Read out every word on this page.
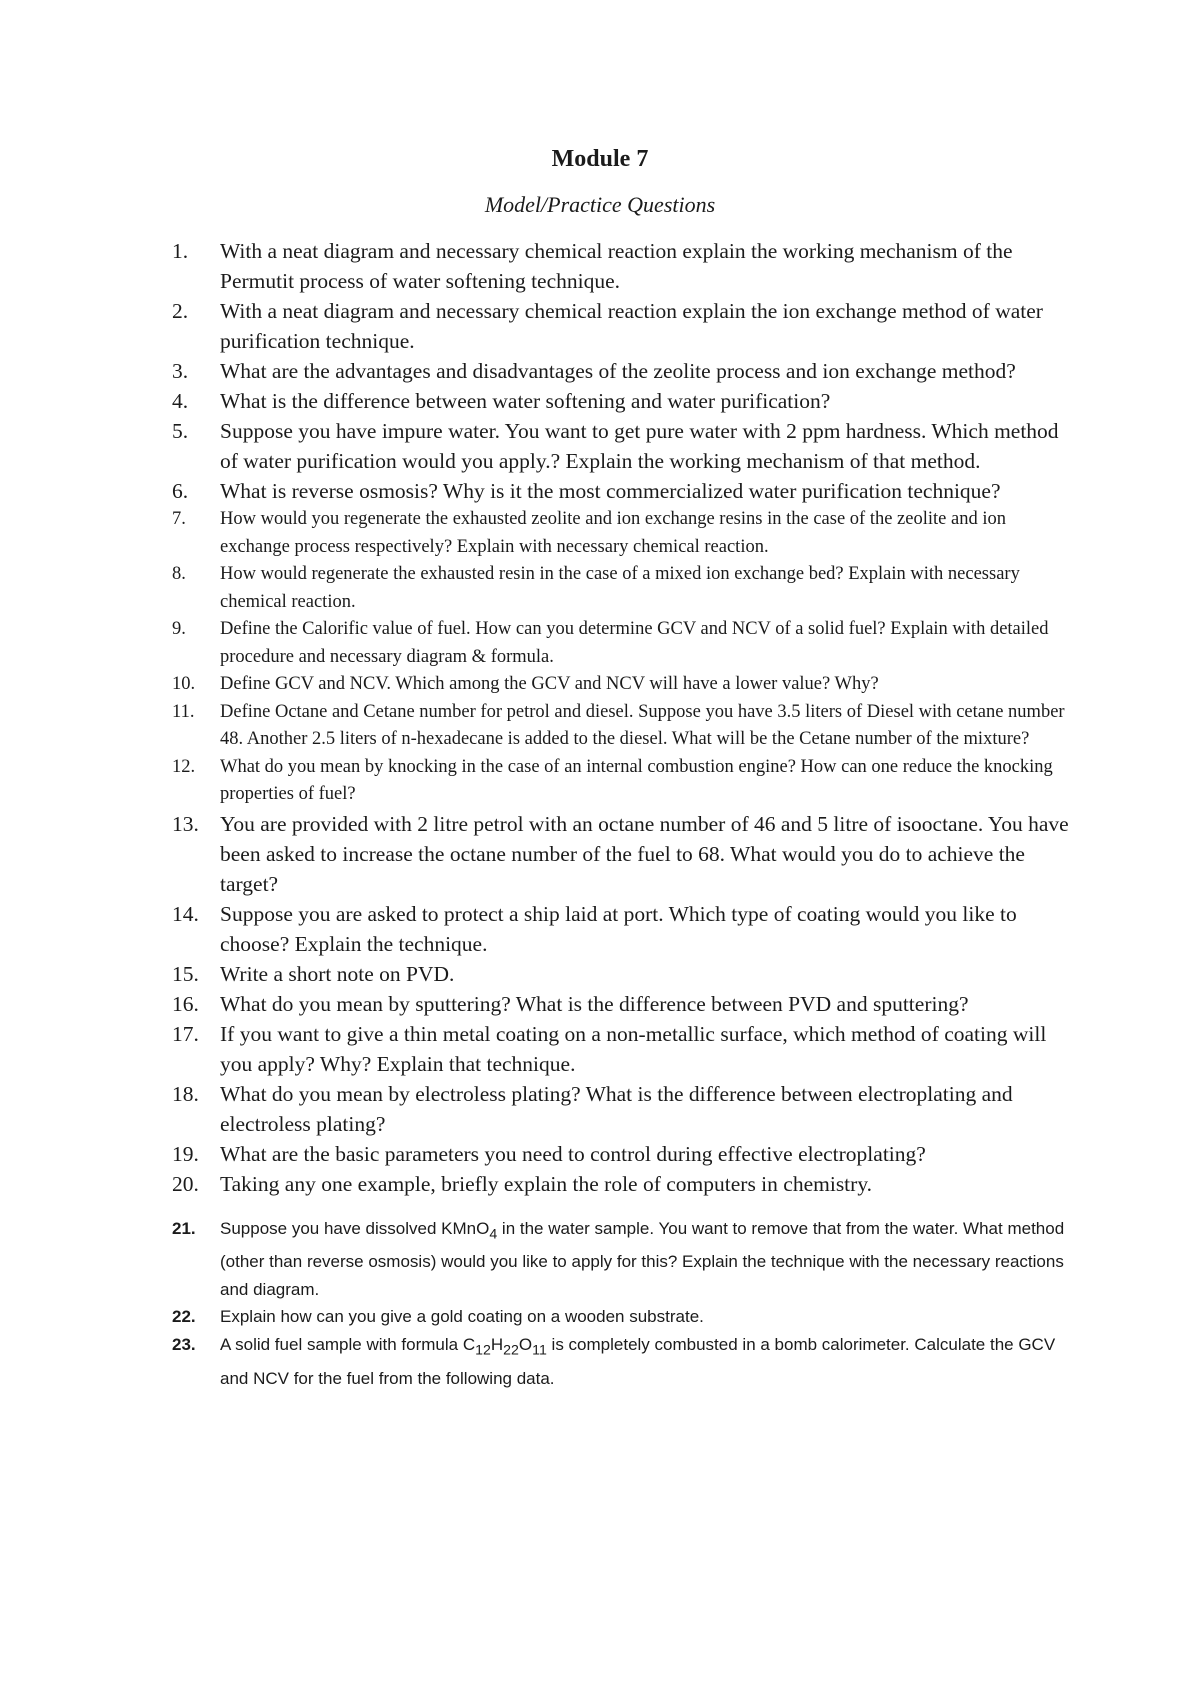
Module 7
Model/Practice Questions
1.	With a neat diagram and necessary chemical reaction explain the working mechanism of the Permutit process of water softening technique.
2.	With a neat diagram and necessary chemical reaction explain the ion exchange method of water purification technique.
3.	What are the advantages and disadvantages of the zeolite process and ion exchange method?
4.	What is the difference between water softening and water purification?
5.	Suppose you have impure water. You want to get pure water with 2 ppm hardness. Which method of water purification would you apply.? Explain the working mechanism of that method.
6.	What is reverse osmosis? Why is it the most commercialized water purification technique?
7.	How would you regenerate the exhausted zeolite and ion exchange resins in the case of the zeolite and ion exchange process respectively? Explain with necessary chemical reaction.
8.	How would regenerate the exhausted resin in the case of a mixed ion exchange bed? Explain with necessary chemical reaction.
9.	Define the Calorific value of fuel. How can you determine GCV and NCV of a solid fuel? Explain with detailed procedure and necessary diagram & formula.
10.	Define GCV and NCV. Which among the GCV and NCV will have a lower value? Why?
11.	Define Octane and Cetane number for petrol and diesel. Suppose you have 3.5 liters of Diesel with cetane number 48. Another 2.5 liters of n-hexadecane is added to the diesel. What will be the Cetane number of the mixture?
12.	What do you mean by knocking in the case of an internal combustion engine? How can one reduce the knocking properties of fuel?
13. You are provided with 2 litre petrol with an octane number of 46 and 5 litre of isooctane. You have been asked to increase the octane number of the fuel to 68. What would you do to achieve the target?
14. Suppose you are asked to protect a ship laid at port. Which type of coating would you like to choose? Explain the technique.
15. Write a short note on PVD.
16. What do you mean by sputtering? What is the difference between PVD and sputtering?
17. If you want to give a thin metal coating on a non-metallic surface, which method of coating will you apply? Why? Explain that technique.
18. What do you mean by electroless plating? What is the difference between electroplating and electroless plating?
19. What are the basic parameters you need to control during effective electroplating?
20. Taking any one example, briefly explain the role of computers in chemistry.
21.	Suppose you have dissolved KMnO$_4$ in the water sample. You want to remove that from the water. What method (other than reverse osmosis) would you like to apply for this? Explain the technique with the necessary reactions and diagram.
22.	Explain how can you give a gold coating on a wooden substrate.
23.	A solid fuel sample with formula $C_{12}H_{22}O_{11}$ is completely combusted in a bomb calorimeter. Calculate the GCV and NCV for the fuel from the following data.
